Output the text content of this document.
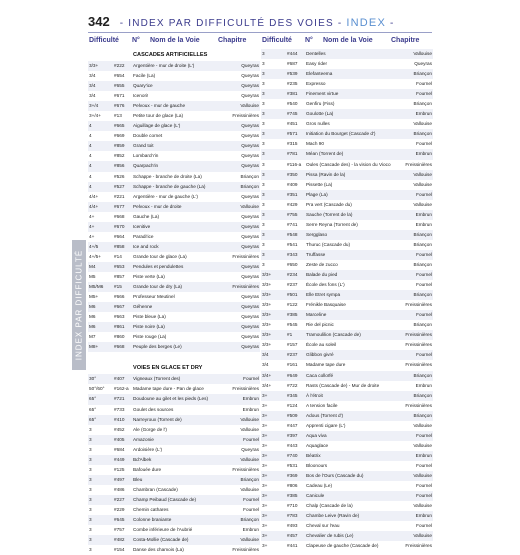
342 - INDEX PAR DIFFICULTÉ DES VOIES - INDEX -
Difficulté N° Nom de la Voie	Chapitre Difficulté N° Nom de la Voie	Chapitre
CASCADES ARTIFICIELLES
3/3+	#222 Argentière - mur de droite (L')	Queyras
3/4	#654 Facile (La)	Queyras
3/4	#655 Quary'ice	Queyras
3/4	#671 Icenori!	Queyras
3+/4	#676 Pelvoux - mur de gauche	Vallouise
3+/4+	#13 Petite tour de glace (La)	Freissinières
4	#665 Aiguillage de glace (L')	Queyras
4	#669 Double cornet	Queyras
4	#859 Grand toit	Queyras
4	#852 Lombarch'in	Queyras
4	#856 Quarpach'in	Queyras
4	#526 Schappe - branche de droite (La)	Briançon
4	#527 Schappe - branche de gauche (La)	Briançon
4/4+	#221 Argentière - mur de gauche (L')	Queyras
4/4+	#677 Pelvoux - mur de droite	Vallouise
4+	#668 Gauche (La)	Queyras
4+	#670 Icenitive	Queyras
4+	#664 Paradi'ice	Queyras
4+/5	#858 Ice and rock	Queyras
4+/5+	#14 Grande tour de glace (La)	Freissinières
M4	#653 Pendules et pendulettes	Queyras
M5	#857 Piste verte (La)	Queyras
M5/M6 #15 Grande tour de dry (La)	Freissinières
M5+	#666 Professeur Meutinel	Queyras
M6	#667 Géhenne	Queyras
M6	#663 Piste bleue (La)	Queyras
M6	#861 Piste noire (La)	Queyras
M7	#860 Piste rouge (La)	Queyras
M8+	#668 Peuple des berges (Le)	Queyras
VOIES EN GLACE ET DRY
30°	#407 Vigneaux (Torrent des)	Fournel
50°/60° #162-a Madame tape dure - Pan de glace	Freissinières
65°	#721 Doudoune au gilet et les pieds (Les)	Embrun
65°	#733 Goulet des sources	Embrun
65°	#410 Narreyroux (Torrent de)	Vallouise
3	#452 Ale (Gorge de l')	Vallouise
3	#405 Amazonie	Fournel
3	#684 Ardoisière (L')	Queyras
3	#449 Bd'Albek	Vallouise
3	#125 Bafouée dure	Freissinières
3	#497 Bleu	Briançon
3	#486 Chambran (Cascade)	Vallouise
3	#227 Champ Peibaud (Cascade de)	Fournel
3	#229 Chemin cathares	Fournel
3	#645 Colonne braniante	Briançon
3	#757 Combe inférieure de l'Aubrié	Embrun
3	#482 Costa-Mollie (Cascade de)	Vallouise
3	#154 Danse des chamois (La)	Freissinières
3	#444 Dentelles	Vallouise
3	#687 Easy rider	Queyras
3	#539 Elefanteema	Briançon
3	#235 Expresso	Fournel
3	#381 Finement virtue	Fournel
3	#540 Genfiru (Fiss)	Briançon
3	#745 Goulotte (La)	Embrun
3	#451 Gros nulles	Vallouise
3	#571 Initiation du Bourget (Cascade d')	Briançon
3	#315 Mach 90	Fournel
3	#781 Méan (Torrent de)	Embrun
3	#116-a Oules (Cascade des) - la vision du Vioco	Freissinières
3	#350 Pissa (Ravin de la)	Vallouise
3	#409 Pissette (La)	Vallouise
3	#351 Plage (La)	Fournel
3	#429 Pra vert (Cascade du)	Vallouise
3	#755 Sauche (Torrent de la)	Embrun
3	#741 Serre Reyna (Torrent de)	Embrun
3	#548 Sergglaso	Briançon
3	#541 Thuruc (Cascade du)	Briançon
3	#343 Truffasse	Fournel
3	#650 Zeste de zucco	Briançon
3/3+	#234 Balade du pied	Fournel
3/3+	#237 École des fons (L')	Fournel
3/3+	#501 Elle Etret sympa	Briançon
3/3+	#122 Frénikle Basquaise	Freissinières
3/3+	#385 Marceline	Fournel
3/3+	#545 Rie del picnic	Briançon
3/3+	#1	Tramoulilion (Cascade de)	Freissinières
3/3+	#157 École au soleil	Freissinières
3/4	#237 Glibbon givré	Fournel
3/4	#161 Madame tape dure	Freissinières
3/4+	#649 Caca colloïfé	Briançon
3/4+	#722 Rasts (Cascade de) - Mur de droite	Embrun
3+	#345 À l'étroit	Briançon
3+	#124 A tension facile	Freissinières
3+	#509 Adous (Torrent d')	Briançon
3+	#447 Apprenti cigare (L')	Vallouise
3+	#397 Aqua viva	Fournel
3+	#443 Aquaglace	Vallouise
3+	#740 Béatrix	Embrun
3+	#531 Bloonours	Fournel
3+	#369 Bos de l'Ours (Cascade du)	Vallouise
3+	#806 Cadeau (Le)	Fournel
3+	#385 Canicule	Fournel
3+	#710 Chalp (Cascade de la)	Vallouise
3+	#783 Chambe Leive (Ravin de)	Embrun
3+	#493 Cheval sur l'eau	Fournel
3+	#457 Chevalier de rubis (Le)	Vallouise
3+	#441 Clapeuse de gauche (Cascade de)	Freissinières
INDEX PAR DIFFICULTÉ
